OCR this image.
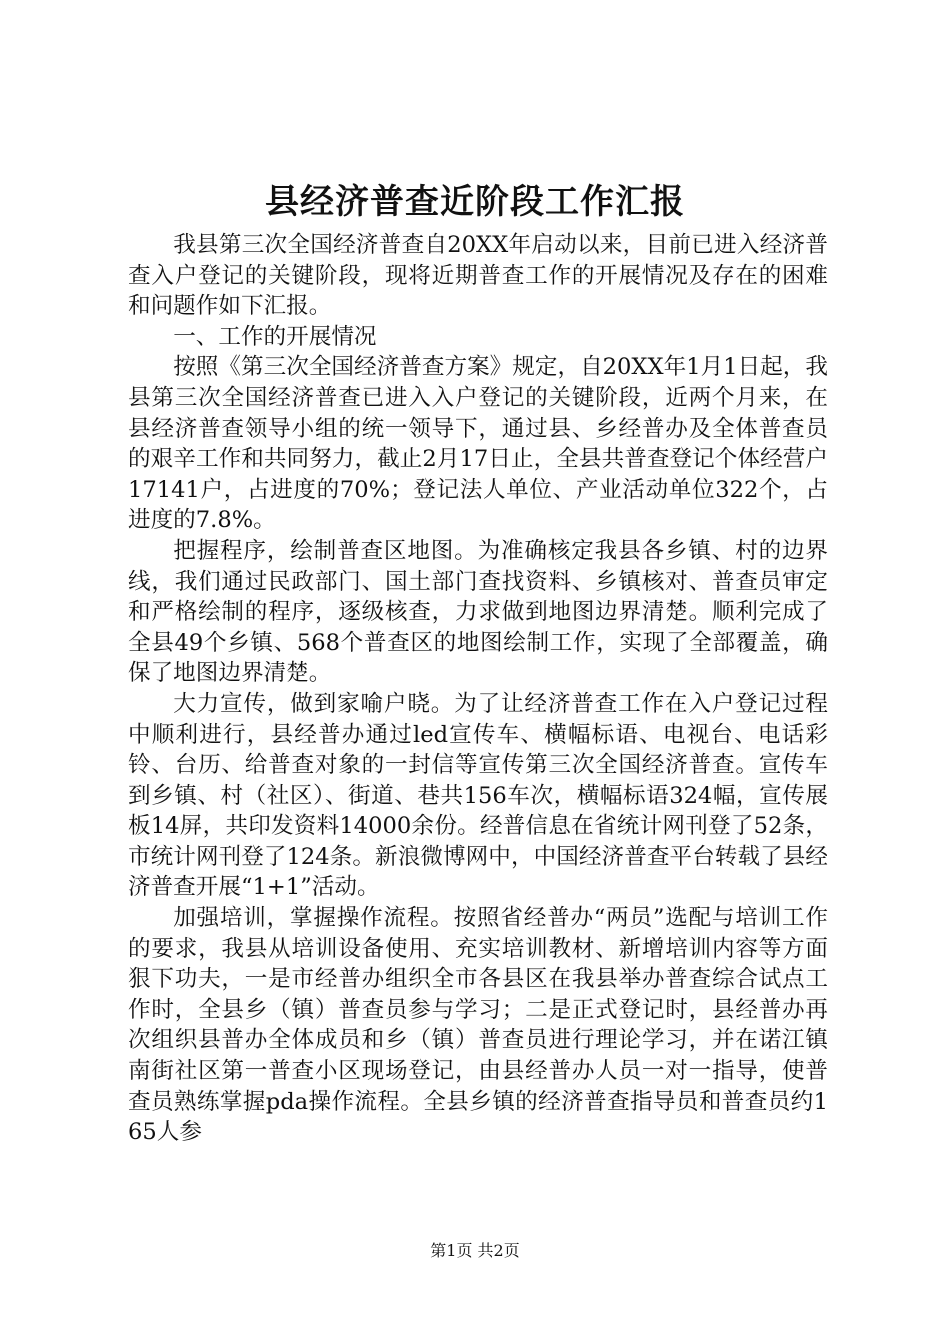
县经济普查近阶段工作汇报

我县第三次全国经济普查自20XX年启动以来，目前已进入经济普查入户登记的关键阶段，现将近期普查工作的开展情况及存在的困难和问题作如下汇报。

一、工作的开展情况

按照《第三次全国经济普查方案》规定，自20XX年1月1日起，我县第三次全国经济普查已进入入户登记的关键阶段，近两个月来，在县经济普查领导小组的统一领导下，通过县、乡经普办及全体普查员的艰辛工作和共同努力，截止2月17日止，全县共普查登记个体经营户17141户，占进度的70%；登记法人单位、产业活动单位322个，占进度的7.8%。

把握程序，绘制普查区地图。为准确核定我县各乡镇、村的边界线，我们通过民政部门、国土部门查找资料、乡镇核对、普查员审定和严格绘制的程序，逐级核查，力求做到地图边界清楚。顺利完成了全县49个乡镇、568个普查区的地图绘制工作，实现了全部覆盖，确保了地图边界清楚。

大力宣传，做到家喻户晓。为了让经济普查工作在入户登记过程中顺利进行，县经普办通过led宣传车、横幅标语、电视台、电话彩铃、台历、给普查对象的一封信等宣传第三次全国经济普查。宣传车到乡镇、村（社区）、街道、巷共156车次，横幅标语324幅，宣传展板14屏，共印发资料14000余份。经普信息在省统计网刊登了52条，市统计网刊登了124条。新浪微博网中，中国经济普查平台转载了县经济普查开展“1+1”活动。

加强培训，掌握操作流程。按照省经普办“两员”选配与培训工作的要求，我县从培训设备使用、充实培训教材、新增培训内容等方面狠下功夫，一是市经普办组织全市各县区在我县举办普查综合试点工作时，全县乡（镇）普查员参与学习；二是正式登记时，县经普办再次组织县普办全体成员和乡（镇）普查员进行理论学习，并在诺江镇南街社区第一普查小区现场登记，由县经普办人员一对一指导，使普查员熟练掌握pda操作流程。全县乡镇的经济普查指导员和普查员约165人参

第1页 共2页
